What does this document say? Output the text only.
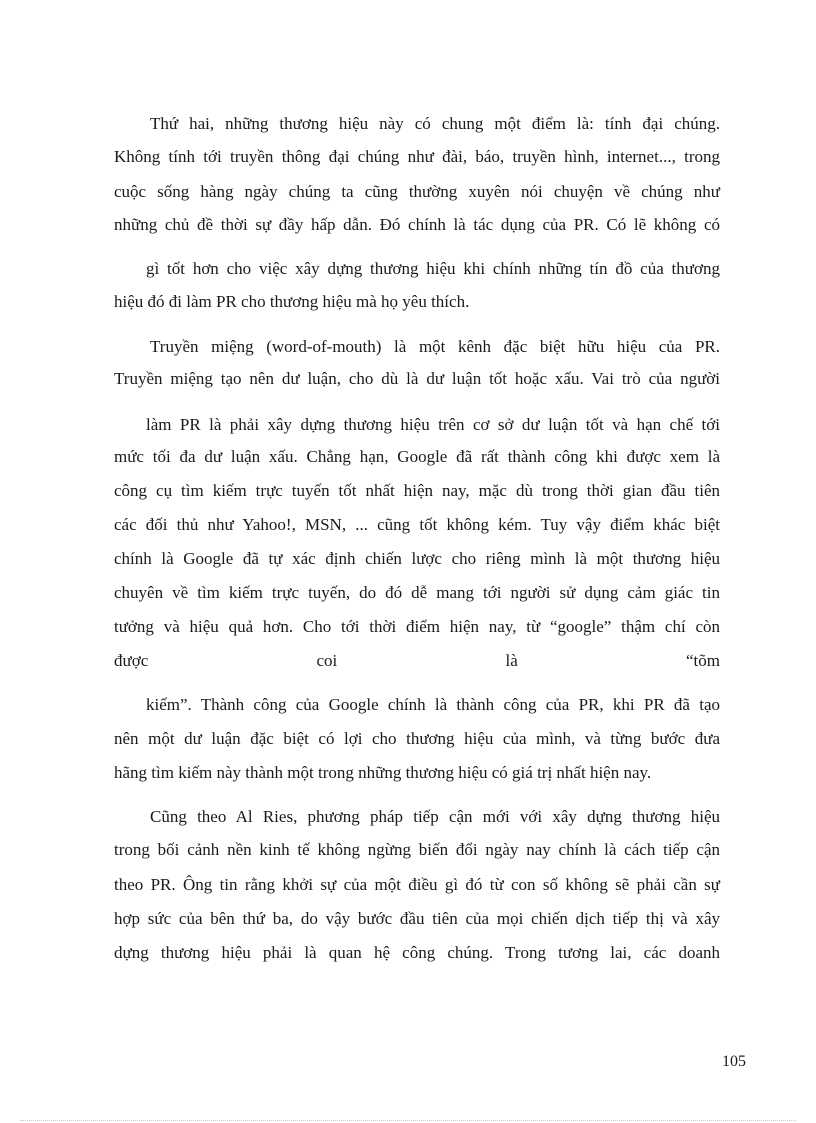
Thứ hai, những thương hiệu này có chung một điểm là: tính đại chúng.
Không tính tới truyền thông đại chúng như đài, báo, truyền hình, internet..., trong
cuộc sống hàng ngày chúng ta cũng thường xuyên nói chuyện về chúng như
những chủ đề thời sự đầy hấp dẫn. Đó chính là tác dụng của PR. Có lẽ không có
gì tốt hơn cho việc xây dựng thương hiệu khi chính những tín đồ của thương
hiệu đó đi làm PR cho thương hiệu mà họ yêu thích.
Truyền miệng (word-of-mouth) là một kênh đặc biệt hữu hiệu của PR.
Truyền miệng tạo nên dư luận, cho dù là dư luận tốt hoặc xấu. Vai trò của người
làm PR là phải xây dựng thương hiệu trên cơ sở dư luận tốt và hạn chế tới
mức tối đa dư luận xấu. Chẳng hạn, Google đã rất thành công khi được xem là
công cụ tìm kiếm trực tuyến tốt nhất hiện nay, mặc dù trong thời gian đầu tiên
các đối thủ như Yahoo!, MSN, ... cũng tốt không kém. Tuy vậy điểm khác biệt
chính là Google đã tự xác định chiến lược cho riêng mình là một thương hiệu
chuyên về tìm kiếm trực tuyến, do đó dễ mang tới người sử dụng cảm giác tin
tưởng và hiệu quả hơn. Cho tới thời điểm hiện nay, từ “google” thậm chí còn
được coi là “tõm
kiếm”. Thành công của Google chính là thành công của PR, khi PR đã tạo
nên một dư luận đặc biệt có lợi cho thương hiệu của mình, và từng bước đưa
hãng tìm kiếm này thành một trong những thương hiệu có giá trị nhất hiện nay.
Cũng theo Al Ries, phương pháp tiếp cận mới với xây dựng thương hiệu
trong bối cảnh nền kinh tế không ngừng biến đổi ngày nay chính là cách tiếp cận
theo PR. Ông tin rằng khởi sự của một điều gì đó từ con số không sẽ phải cần sự
hợp sức của bên thứ ba, do vậy bước đầu tiên của mọi chiến dịch tiếp thị và xây
dựng thương hiệu phải là quan hệ công chúng. Trong tương lai, các doanh
105
